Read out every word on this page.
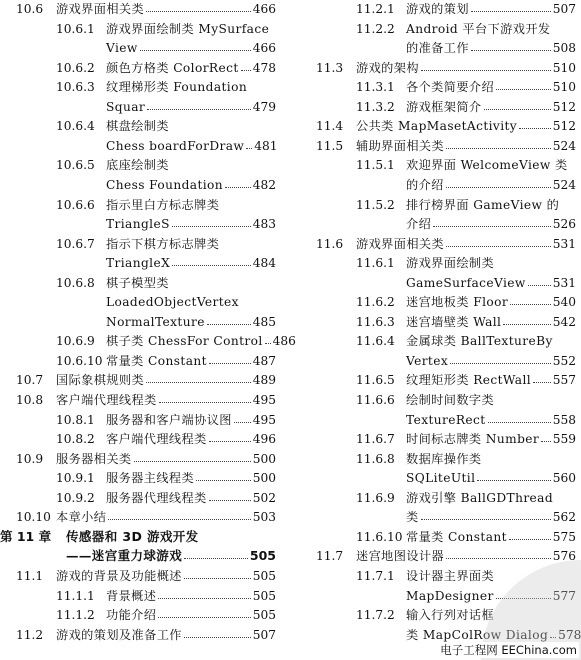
10.6	游戏界面相关类	466
10.6.1 游戏界面绘制类 MySurface
View	466
10.6.2 颜色方格类 ColorRect 478
10.6.3 纹理梯形类 Foundation
Squar	479
10.6.4 棋盘绘制类
Chess boardForDraw 481
10.6.5 底座绘制类
Chess Foundation 482
10.6.6 指示里白方标志牌类
TriangleS	483
10.6.7 指示下棋方标志牌类
TriangleX	484
10.6.8 棋子模型类
LoadedObjectVertex
NormalTexture	485
10.6.9 棋子类 ChessFor Control 486
10.6.10 常量类 Constant	487
10.7	国际象棋规则类	489
10.8	客户端代理线程类	495
10.8.1 服务器和客户端协议图 495
10.8.2 客户端代理线程类	496
10.9	服务器相关类	500
10.9.1 服务器主线程类	500
10.9.2 服务器代理线程类	502
10.10 本章小结	503
第 11 章	传感器和 3D 游戏开发
——迷宫重力球游戏	505
11.1	游戏的背景及功能概述	505
11.1.1 背景概述	505
11.1.2 功能介绍	505
11.2	游戏的策划及准备工作	507
11.2.1 游戏的策划	507
11.2.2 Android 平台下游戏开发
的准备工作	508
11.3	游戏的架构	510
11.3.1 各个类简要介绍	510
11.3.2 游戏框架简介	512
11.4	公共类 MapMasetActivity	512
11.5	辅助界面相关类	524
11.5.1 欢迎界面 WelcomeView 类
的介绍	524
11.5.2 排行榜界面 GameView 的
介绍	526
11.6	游戏界面相关类	531
11.6.1 游戏界面绘制类
GameSurfaceView 531
11.6.2 迷宫地板类 Floor	540
11.6.3 迷宫墙壁类 Wall	542
11.6.4 金属球类 BallTextureBy
Vertex	552
11.6.5 纹理矩形类 RectWall 557
11.6.6 绘制时间数字类
TextureRect	558
11.6.7 时间标志牌类 Number 559
11.6.8 数据库操作类
SQLiteUtil	560
11.6.9 游戏引擎 BallGDThread
类	562
11.6.10 常量类 Constant	575
11.7	迷宫地图设计器	576
11.7.1 设计器主界面类
MapDesigner	577
11.7.2 输入行列对话框
类 MapColRow Dialog 578
电子工程网 EEChina.com
